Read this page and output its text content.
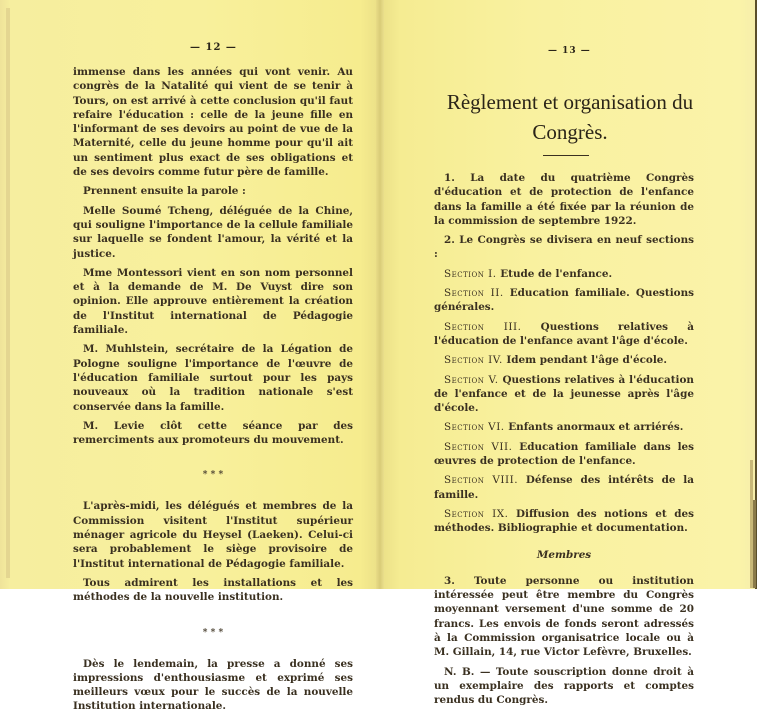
— 12 —

immense dans les années qui vont venir. Au congrès de la Natalité qui vient de se tenir à Tours, on est arrivé à cette conclusion qu'il faut refaire l'éducation : celle de la jeune fille en l'informant de ses devoirs au point de vue de la Maternité, celle du jeune homme pour qu'il ait un sentiment plus exact de ses obligations et de ses devoirs comme futur père de famille.

Prennent ensuite la parole :

Melle Soumé Tcheng, déléguée de la Chine, qui souligne l'importance de la cellule familiale sur laquelle se fondent l'amour, la vérité et la justice.

Mme Montessori vient en son nom personnel et à la demande de M. De Vuyst dire son opinion. Elle approuve entièrement la création de l'Institut international de Pédagogie familiale.

M. Muhlstein, secrétaire de la Légation de Pologne souligne l'importance de l'œuvre de l'éducation familiale surtout pour les pays nouveaux où la tradition nationale s'est conservée dans la famille.

M. Levie clôt cette séance par des remerciments aux promoteurs du mouvement.

* * *

L'après-midi, les délégués et membres de la Commission visitent l'Institut supérieur ménager agricole du Heysel (Laeken). Celui-ci sera probablement le siège provisoire de l'Institut international de Pédagogie familiale.

Tous admirent les installations et les méthodes de la nouvelle institution.

* * *

Dès le lendemain, la presse a donné ses impressions d'enthousiasme et exprimé ses meilleurs vœux pour le succès de la nouvelle Institution internationale.

— 13 —
Règlement et organisation du
Congrès.

1. La date du quatrième Congrès d'éducation et de protection de l'enfance dans la famille a été fixée par la réunion de la commission de septembre 1922.

2. Le Congrès se divisera en neuf sections :

Section I. Etude de l'enfance.

Section II. Education familiale. Questions générales.

Section III. Questions relatives à l'éducation de l'enfance avant l'âge d'école.

Section IV. Idem pendant l'âge d'école.

Section V. Questions relatives à l'éducation de l'enfance et de la jeunesse après l'âge d'école.

Section VI. Enfants anormaux et arriérés.

Section VII. Education familiale dans les œuvres de protection de l'enfance.

Section VIII. Défense des intérêts de la famille.

Section IX. Diffusion des notions et des méthodes. Bibliographie et documentation.

Membres

3. Toute personne ou institution intéressée peut être membre du Congrès moyennant versement d'une somme de 20 francs. Les envois de fonds seront adressés à la Commission organisatrice locale ou à M. Gillain, 14, rue Victor Lefèvre, Bruxelles.

N. B. — Toute souscription donne droit à un exemplaire des rapports et comptes rendus du Congrès.
